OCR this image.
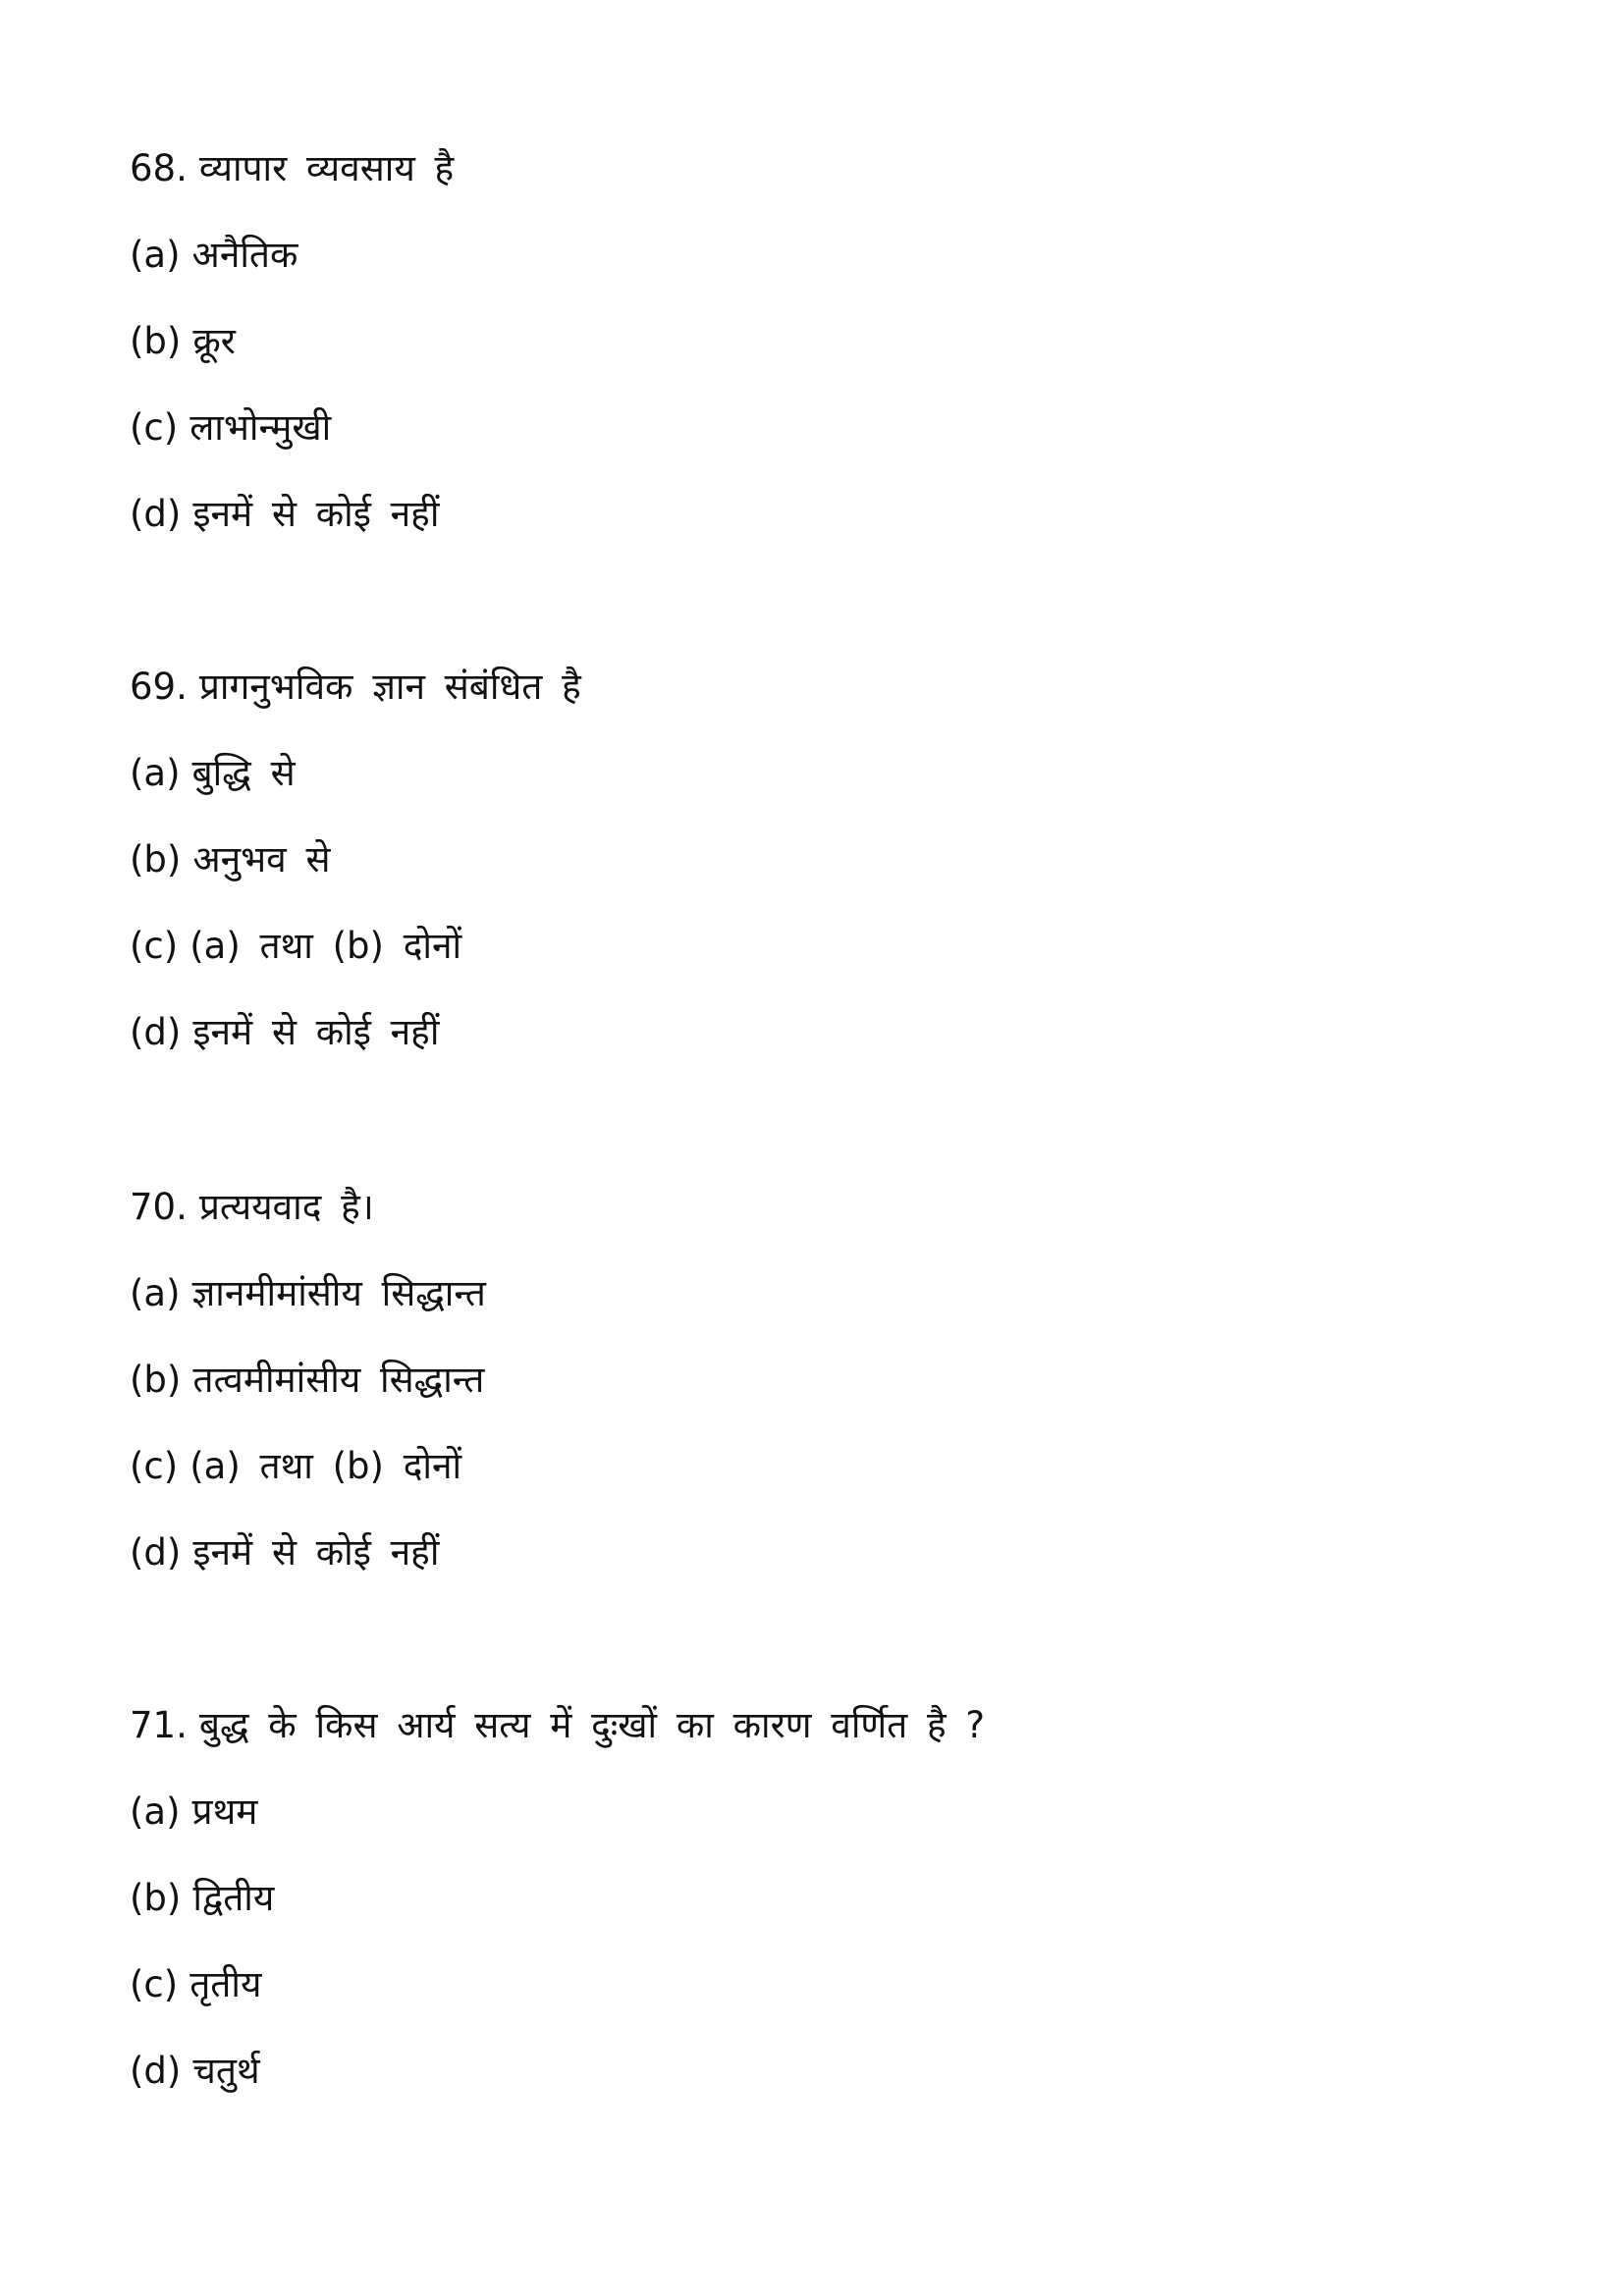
68. व्यापार व्यवसाय है
(a) अनैतिक
(b) क्रूर
(c) लाभोन्मुखी
(d) इनमें से कोई नहीं
69. प्रागनुभविक ज्ञान संबंधित है
(a) बुद्धि से
(b) अनुभव से
(c) (a) तथा (b) दोनों
(d) इनमें से कोई नहीं
70. प्रत्ययवाद है।
(a) ज्ञानमीमांसीय सिद्धान्त
(b) तत्वमीमांसीय सिद्धान्त
(c) (a) तथा (b) दोनों
(d) इनमें से कोई नहीं
71. बुद्ध के किस आर्य सत्य में दुःखों का कारण वर्णित है ?
(a) प्रथम
(b) द्वितीय
(c) तृतीय
(d) चतुर्थ
